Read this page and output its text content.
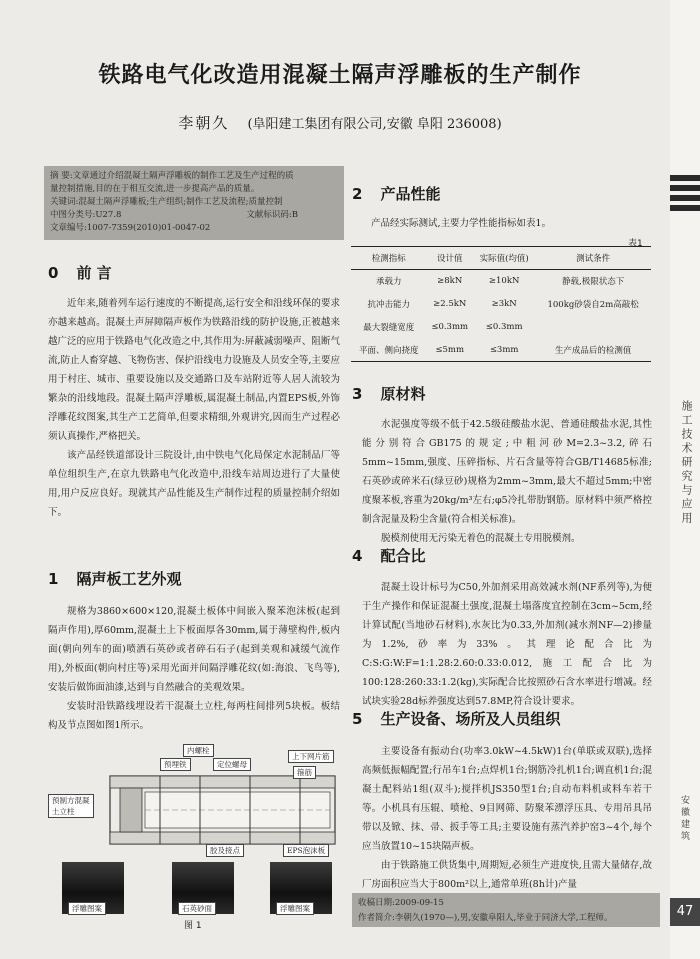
铁路电气化改造用混凝土隔声浮雕板的生产制作
李朝久 (阜阳建工集团有限公司,安徽 阜阳 236008)
摘 要:文章通过介绍混凝土隔声浮雕板的制作工艺及生产过程的质
量控制措施,目的在于相互交流,进一步提高产品的质量。
关键词:混凝土隔声浮雕板;生产组织;制作工艺及流程;质量控制
中图分类号:U27.8	文献标识码:B
文章编号:1007-7359(2010)01-0047-02
0 前 言

近年来,随着列车运行速度的不断提高,运行安全和沿线环保的要求亦越来越高。混凝土声屏障隔声板作为铁路沿线的防护设施,正被越来越广泛的应用于铁路电气化改造之中,其作用为:屏蔽减弱噪声、阻断气流,防止人畜穿越、飞物伤害、保护沿线电力设施及人员安全等,主要应用于村庄、城市、重要设施以及交通路口及车站附近等人居人流较为繁杂的沿线地段。混凝土隔声浮雕板,属混凝土制品,内置EPS板,外饰浮雕花纹图案,其生产工艺简单,但要求精细,外观讲究,因而生产过程必须认真操作,严格把关。

该产品经铁道部设计三院设计,由中铁电气化局保定水泥制品厂等单位组织生产,在京九铁路电气化改造中,沿线车站周边进行了大量使用,用户反应良好。现就其产品性能及生产制作过程的质量控制介绍如下。

1 隔声板工艺外观

规格为3860×600×120,混凝土板体中间嵌入聚苯泡沫板(起到隔声作用),厚60mm,混凝土上下板面厚各30mm,属于薄壁构件,板内面(朝向列车的面)喷洒石英砂或者碎石石子(起到美观和减缓气流作用),外板面(朝向村庄等)采用光面并间隔浮雕花纹(如:海浪、飞鸟等),安装后做饰面油漆,达到与自然融合的美观效果。

安装时沿铁路线埋设若干混凝土立柱,每两柱间排列5块板。板结构及节点图如图1所示。

内螺栓
预埋铁	定位螺母
上下网片筋
箍筋
预制方混凝土立柱
胶及接点	EPS泡沫板
浮雕图案	石英砂面	浮雕图案
图 1
2 产品性能

产品经实际测试,主要力学性能指标如表1。

表1
检测指标	设计值	实际值(均值)	测试条件
承载力	≥8kN	≥10kN	静载,极限状态下
抗冲击能力	≥2.5kN	≥3kN	100kg砂袋自2m高敲松
最大裂缝宽度	≤0.3mm	≤0.3mm	
平面、侧向挠度	≤5mm	≤3mm	生产成品后的检测值
3 原材料

水泥强度等级不低于42.5级硅酸盐水泥、普通硅酸盐水泥,其性能分别符合GB175的规定;中粗河砂M=2.3~3.2,碎石5mm~15mm,强度、压碎指标、片石含量等符合GB/T14685标准;石英砂或碎米石(绿豆砂)规格为2mm~3mm,最大不超过5mm;中密度聚苯板,容重为20kg/m³左右;φ5冷扎带肋钢筋。原材料中须严格控制含泥量及粉尘含量(符合相关标准)。

脱模剂使用无污染无着色的混凝土专用脱模剂。

4 配合比

混凝土设计标号为C50,外加剂采用高效减水剂(NF系列等),为便于生产操作和保证混凝土强度,混凝土塌落度宜控制在3cm~5cm,经计算试配(当地砂石材料),水灰比为0.33,外加剂(减水剂NF—2)掺量为1.2%,砂率为33%。其理论配合比为C:S:G:W:F=1:1.28:2.60:0.33:0.012,施工配合比为100:128:260:33:1.2(kg),实际配合比按照砂石含水率进行增减。经试块实验28d标养强度达到57.8MP,符合设计要求。

5 生产设备、场所及人员组织

主要设备有振动台(功率3.0kW~4.5kW)1台(单联或双联),选择高频低振幅配置;行吊车1台;点焊机1台;钢筋冷扎机1台;调直机1台;混凝土配料站1组(双斗);搅拌机JS350型1台;自动布料机或料车若干等。小机具有压辊、喷枪、9目网筛、防聚苯漂浮压具、专用吊具吊带以及锨、抹、帚、扳手等工具;主要设施有蒸汽养护窑3~4个,每个应当放置10~15块隔声板。

由于铁路施工供货集中,周期短,必须生产进度快,且需大量储存,故厂房面积应当大于800m²以上,通常单班(8h计)产量

收稿日期:2009-09-15
作者简介:李朝久(1970—),男,安徽阜阳人,毕业于同济大学,工程师。
施工技术研究与应用
安徽建筑
47
